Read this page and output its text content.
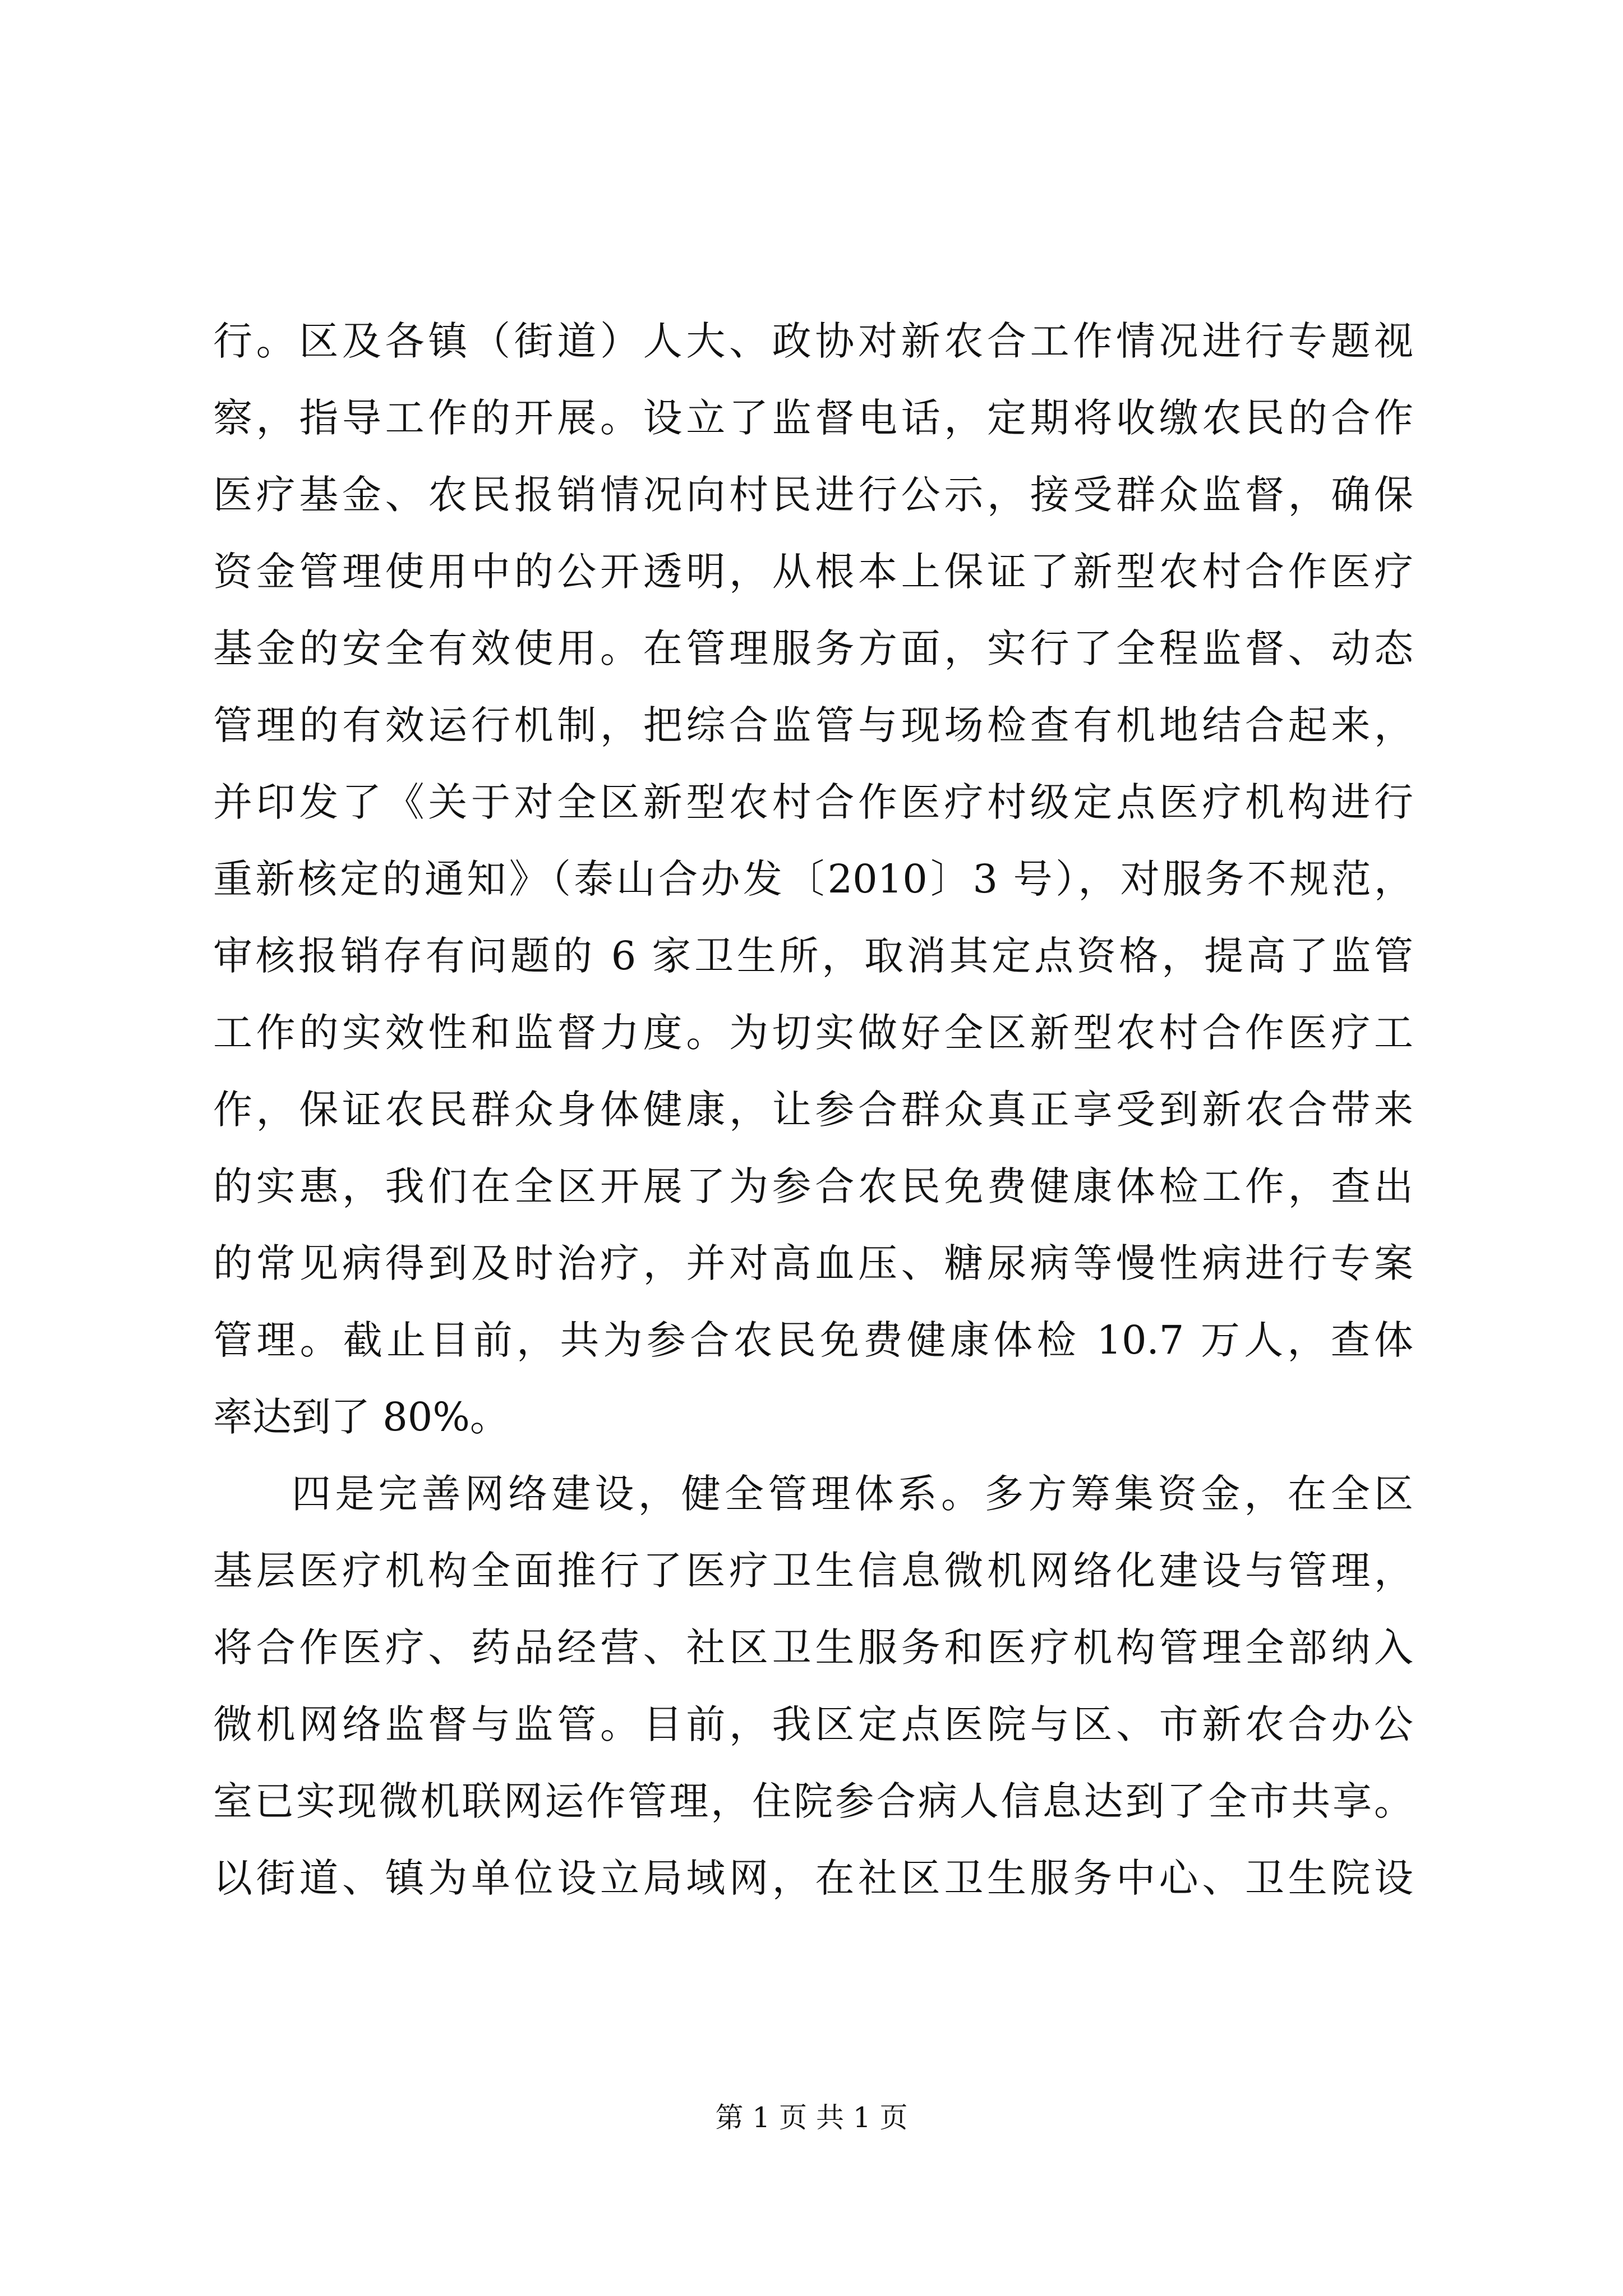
行。区及各镇（街道）人大、政协对新农合工作情况进行专题视
察，指导工作的开展。设立了监督电话，定期将收缴农民的合作
医疗基金、农民报销情况向村民进行公示，接受群众监督，确保
资金管理使用中的公开透明，从根本上保证了新型农村合作医疗
基金的安全有效使用。在管理服务方面，实行了全程监督、动态
管理的有效运行机制，把综合监管与现场检查有机地结合起来，
并印发了《关于对全区新型农村合作医疗村级定点医疗机构进行
重新核定的通知》（泰山合办发〔2010〕3 号），对服务不规范，
审核报销存有问题的 6 家卫生所，取消其定点资格，提高了监管
工作的实效性和监督力度。为切实做好全区新型农村合作医疗工
作，保证农民群众身体健康，让参合群众真正享受到新农合带来
的实惠，我们在全区开展了为参合农民免费健康体检工作，查出
的常见病得到及时治疗，并对高血压、糖尿病等慢性病进行专案
管理。截止目前，共为参合农民免费健康体检 10.7 万人，查体
率达到了 80%。
四是完善网络建设，健全管理体系。多方筹集资金，在全区
基层医疗机构全面推行了医疗卫生信息微机网络化建设与管理，
将合作医疗、药品经营、社区卫生服务和医疗机构管理全部纳入
微机网络监督与监管。目前，我区定点医院与区、市新农合办公
室已实现微机联网运作管理，住院参合病人信息达到了全市共享。
以街道、镇为单位设立局域网，在社区卫生服务中心、卫生院设
第 1 页 共 1 页
